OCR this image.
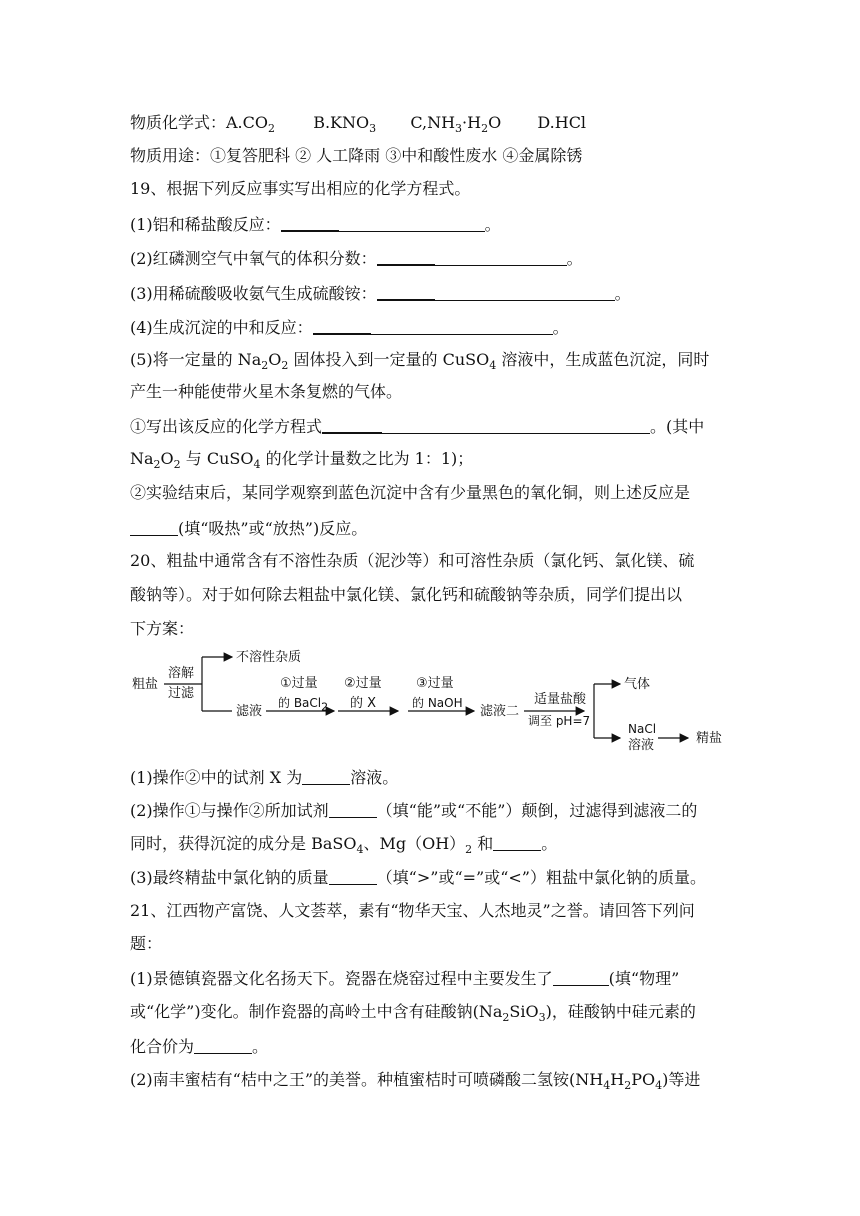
物质化学式：$A.CO_2$ $B.KNO_3$ $C,NH_3\cdot H_2O$ D.HCl
物质用途：①复答肥科 ② 人工降雨 ③中和酸性废水 ④金属除锈
19、根据下列反应事实写出相应的化学方程式。
(1)铝和稀盐酸反应：	。
(2)红磷测空气中氧气的体积分数：	。
(3)用稀硫酸吸收氨气生成硫酸铵：	。
(4)生成沉淀的中和反应：	。
(5)将一定量的 $Na_2O_2$ 固体投入到一定量的 CuSO$_4$ 溶液中，生成蓝色沉淀，同时
产生一种能使带火星木条复燃的气体。
①写出该反应的化学方程式	。(其中
$Na_2O_2$ 与 CuSO$_4$ 的化学计量数之比为 1：1)；
②实验结束后，某同学观察到蓝色沉淀中含有少量黑色的氧化铜，则上述反应是
(填“吸热”或“放热”)反应。
20、粗盐中通常含有不溶性杂质（泥沙等）和可溶性杂质（氯化钙、氯化镁、硫
酸钠等）。对于如何除去粗盐中氯化镁、氯化钙和硫酸钠等杂质，同学们提出以
下方案：
粗盐
溶解
过滤
不溶性杂质
滤液
①过量
的 BaCl$_2$
②过量
的 X
③过量
的 NaOH
滤液二
适量盐酸
调至 pH=7
气体
NaCl
溶液	精盐
(1)操作②中的试剂 X 为	溶液。
(2)操作①与操作②所加试剂	（填“能”或“不能”）颠倒，过滤得到滤液二的
同时，获得沉淀的成分是 BaSO$_4$、$Mg(OH)_2$ 和	。
(3)最终精盐中氯化钠的质量	（填“>”或“=”或“<”）粗盐中氯化钠的质量。
21、江西物产富饶、人文荟萃，素有“物华天宝、人杰地灵”之誉。请回答下列问
题：
(1)景德镇瓷器文化名扬天下。瓷器在烧窑过程中主要发生了	(填“物理”
或“化学”)变化。制作瓷器的高岭土中含有硅酸钠$(Na_2SiO_3)$，硅酸钠中硅元素的
化合价为	。
(2)南丰蜜桔有“桔中之王”的美誉。种植蜜桔时可喷磷酸二氢铵$(NH_4H_2PO_4)$等进
